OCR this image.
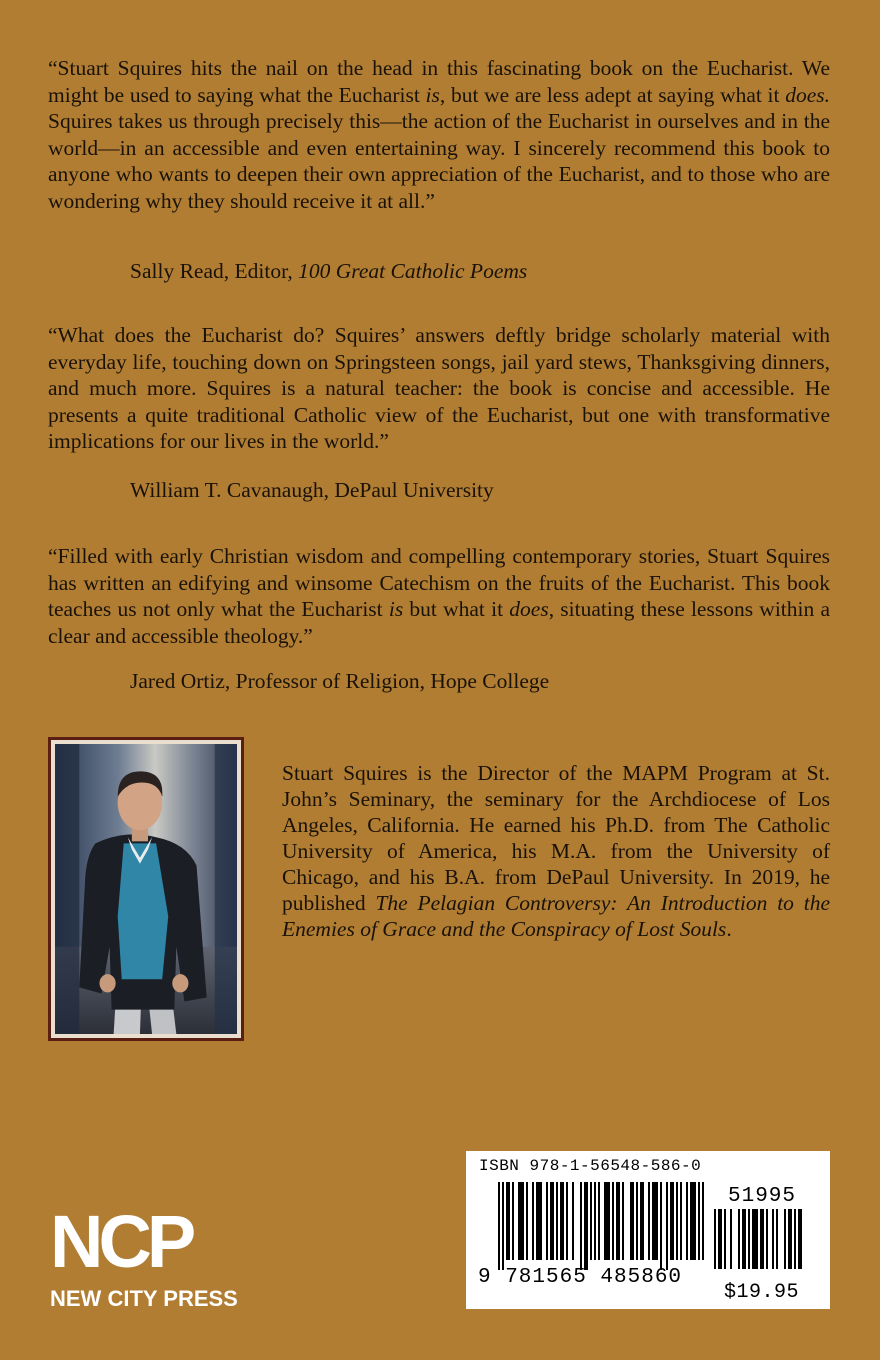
“Stuart Squires hits the nail on the head in this fascinating book on the Eucharist. We might be used to saying what the Eucharist is, but we are less adept at saying what it does. Squires takes us through precisely this—the action of the Eucharist in ourselves and in the world—in an accessible and even entertaining way. I sincerely recommend this book to anyone who wants to deepen their own appreciation of the Eucharist, and to those who are wondering why they should receive it at all.”
Sally Read, Editor, 100 Great Catholic Poems
“What does the Eucharist do? Squires’ answers deftly bridge scholarly material with everyday life, touching down on Springsteen songs, jail yard stews, Thanksgiving dinners, and much more. Squires is a natural teacher: the book is concise and accessible. He presents a quite traditional Catholic view of the Eucharist, but one with transformative implications for our lives in the world.”
William T. Cavanaugh, DePaul University
“Filled with early Christian wisdom and compelling contemporary stories, Stuart Squires has written an edifying and winsome Catechism on the fruits of the Eucharist. This book teaches us not only what the Eucharist is but what it does, situating these lessons within a clear and accessible theology.”
Jared Ortiz, Professor of Religion, Hope College
Stuart Squires is the Director of the MAPM Program at St. John’s Seminary, the seminary for the Archdiocese of Los Angeles, California. He earned his Ph.D. from The Catholic University of America, his M.A. from the University of Chicago, and his B.A. from DePaul University. In 2019, he published The Pelagian Controversy: An Introduction to the Enemies of Grace and the Conspiracy of Lost Souls.
NCP
NEW CITY PRESS
ISBN 978-1-56548-586-0
51995
9 781565 485860
$19.95
